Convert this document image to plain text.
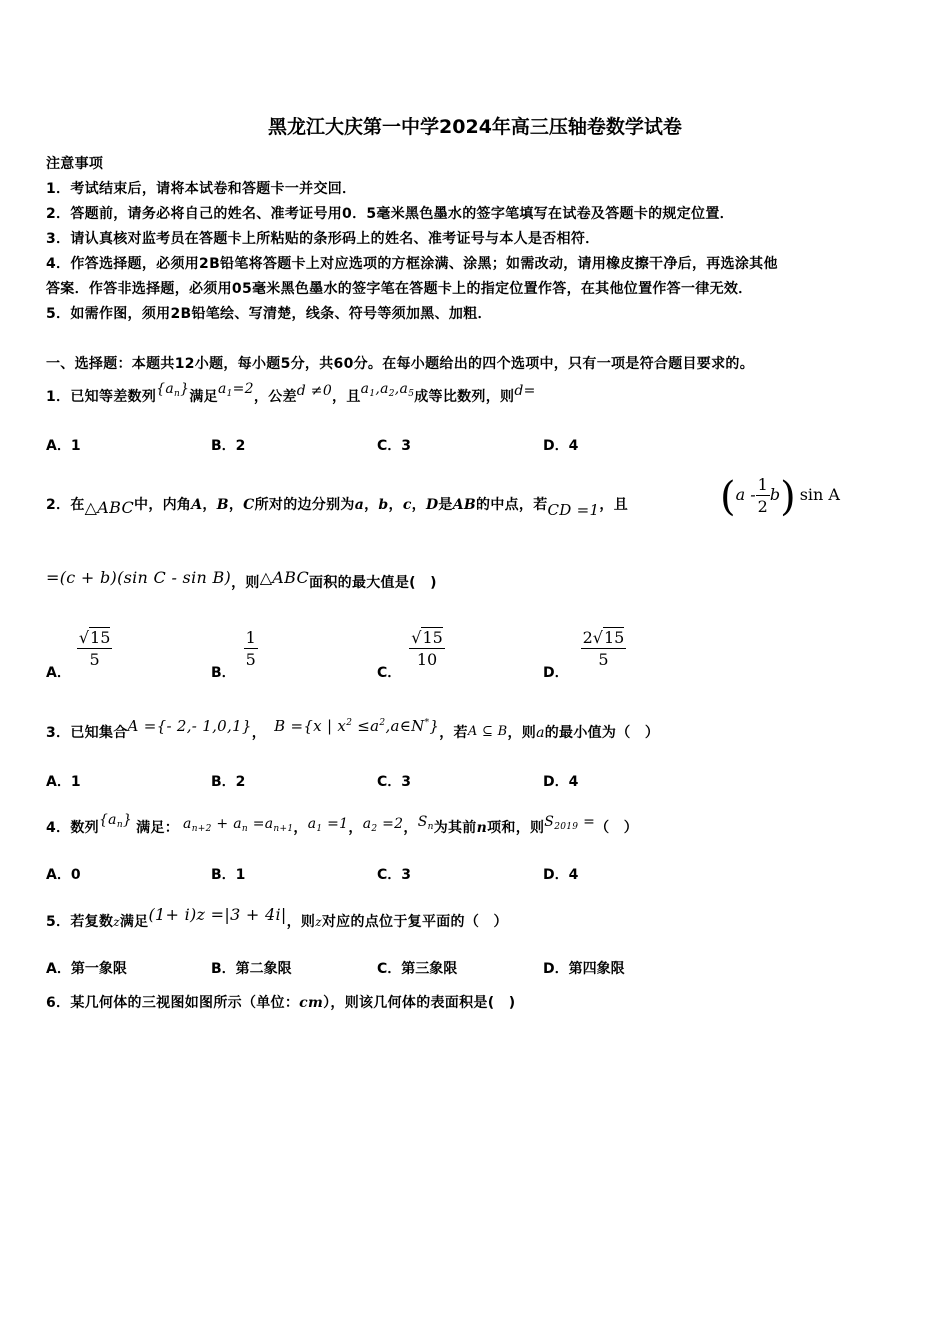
黑龙江大庆第一中学2024年高三压轴卷数学试卷
注意事项
1．考试结束后，请将本试卷和答题卡一并交回．
2．答题前，请务必将自己的姓名、准考证号用0．5毫米黑色墨水的签字笔填写在试卷及答题卡的规定位置．
3．请认真核对监考员在答题卡上所粘贴的条形码上的姓名、准考证号与本人是否相符．
4．作答选择题，必须用2B铅笔将答题卡上对应选项的方框涂满、涂黑；如需改动，请用橡皮擦干净后，再选涂其他
答案．作答非选择题，必须用05毫米黑色墨水的签字笔在答题卡上的指定位置作答，在其他位置作答一律无效．
5．如需作图，须用2B铅笔绘、写清楚，线条、符号等须加黑、加粗．
一、选择题：本题共12小题，每小题5分，共60分。在每小题给出的四个选项中，只有一项是符合题目要求的。
1．已知等差数列$\{a_n\}$满足$a_1=2$，公差d ≠0，且$a_1,a_2,a_5$成等比数列，则d=
A．1	B．2	C．3	D．4
2．在△ABC中，内角A，B，C所对的边分别为a，b，c，D是AB的中点，若CD =1，且 $(a - \frac{1}{2} b)$ sin A
=(c + b)(sin C - sin B)，则△ABC面积的最大值是(　)
A．
$\frac{√15}{5}$
B．
$\frac{1}{5}$
C．
$\frac{√15}{10}$
D．
$\frac{2√15}{5}$
3．已知集合A ={- 2,- 1,0,1}， B ={x | $x^2$ $\le a^2,a\in N^*$}，若A ⊆ B，则a的最小值为（　）
A．1	B．2	C．3	D．4
4．数列$\{a_n\}$ 满足： $a_{n+2} + a_n =a_{n+1}$，$a_1 =1$，$a_2 =2$，$S_n$为其前n项和，则$S_{2019}$ =（　）
A．0	B．1	C．3	D．4
5．若复数z满足(1+ i)z =|3 + 4i|，则z对应的点位于复平面的（　）
A．第一象限	B．第二象限	C．第三象限	D．第四象限
6．某几何体的三视图如图所示（单位：cm），则该几何体的表面积是(　)
